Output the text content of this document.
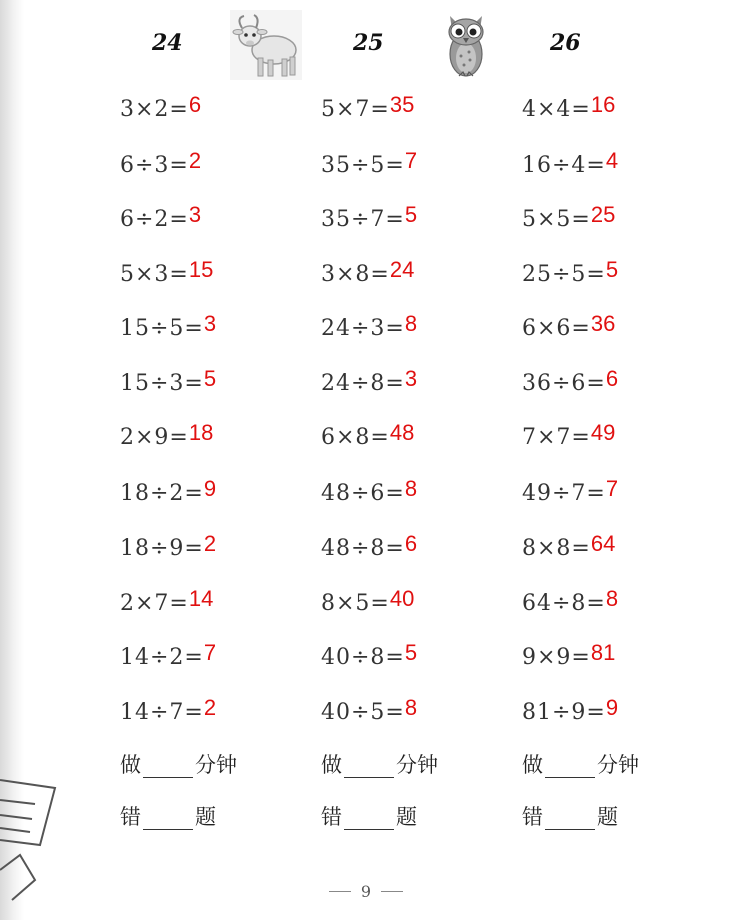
24
3×2=6
6÷3=2
6÷2=3
5×3=15
15÷5=3
15÷3=5
2×9=18
18÷2=9
18÷9=2
2×7=14
14÷2=7
14÷7=2
做	分钟
错	题
25
5×7=35
35÷5=7
35÷7=5
3×8=24
24÷3=8
24÷8=3
6×8=48
48÷6=8
48÷8=6
8×5=40
40÷8=5
40÷5=8
做	分钟
错	题
26
4×4=16
16÷4=4
5×5=25
25÷5=5
6×6=36
36÷6=6
7×7=49
49÷7=7
8×8=64
64÷8=8
9×9=81
81÷9=9
做	分钟
错	题
9
